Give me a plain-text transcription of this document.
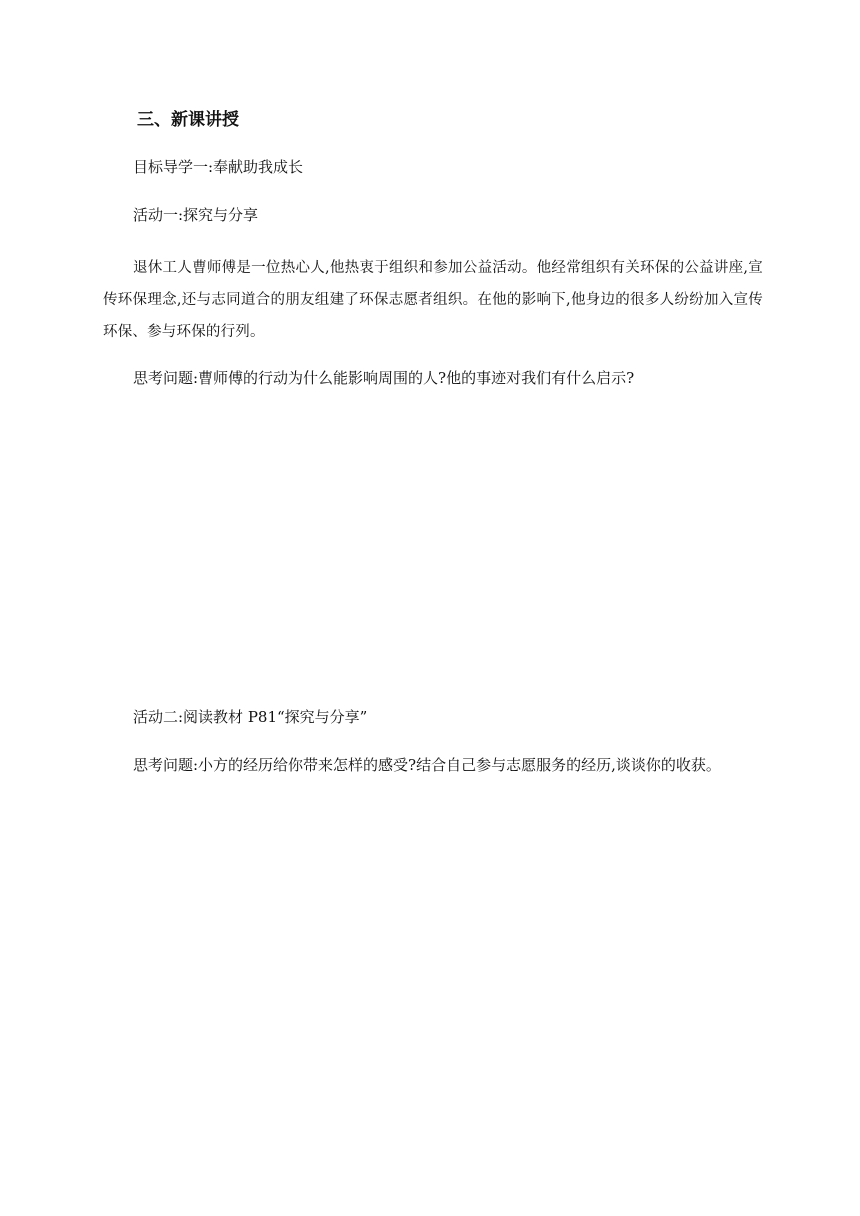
三、新课讲授

目标导学一:奉献助我成长

活动一:探究与分享

退休工人曹师傅是一位热心人,他热衷于组织和参加公益活动。他经常组织有关环保的公益讲座,宣传环保理念,还与志同道合的朋友组建了环保志愿者组织。在他的影响下,他身边的很多人纷纷加入宣传环保、参与环保的行列。

思考问题:曹师傅的行动为什么能影响周围的人?他的事迹对我们有什么启示?

活动二:阅读教材 P81“探究与分享”

思考问题:小方的经历给你带来怎样的感受?结合自己参与志愿服务的经历,谈谈你的收获。
